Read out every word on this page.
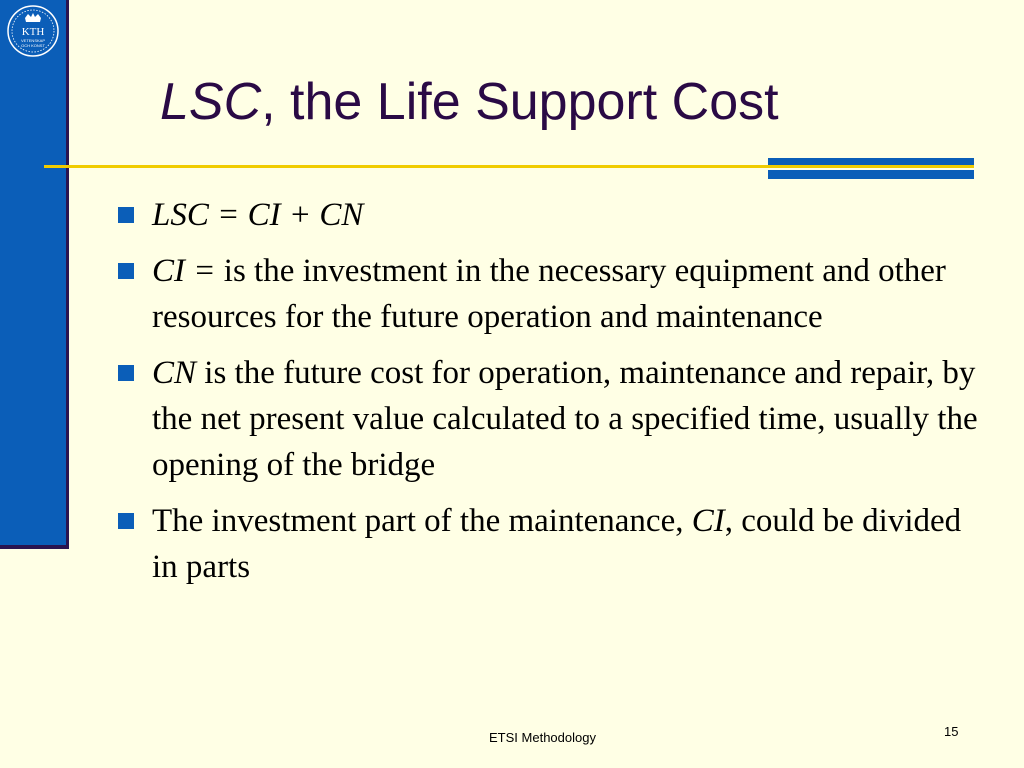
KTH
VETENSKAP
OCH KONST
LSC, the Life Support Cost
LSC = CI + CN
CI = is the investment in the necessary equipment and other resources for the future operation and maintenance
CN is the future cost for operation, maintenance and repair, by the net present value calculated to a specified time, usually the opening of the bridge
The investment part of the maintenance, CI, could be divided in parts
ETSI Methodology	15
